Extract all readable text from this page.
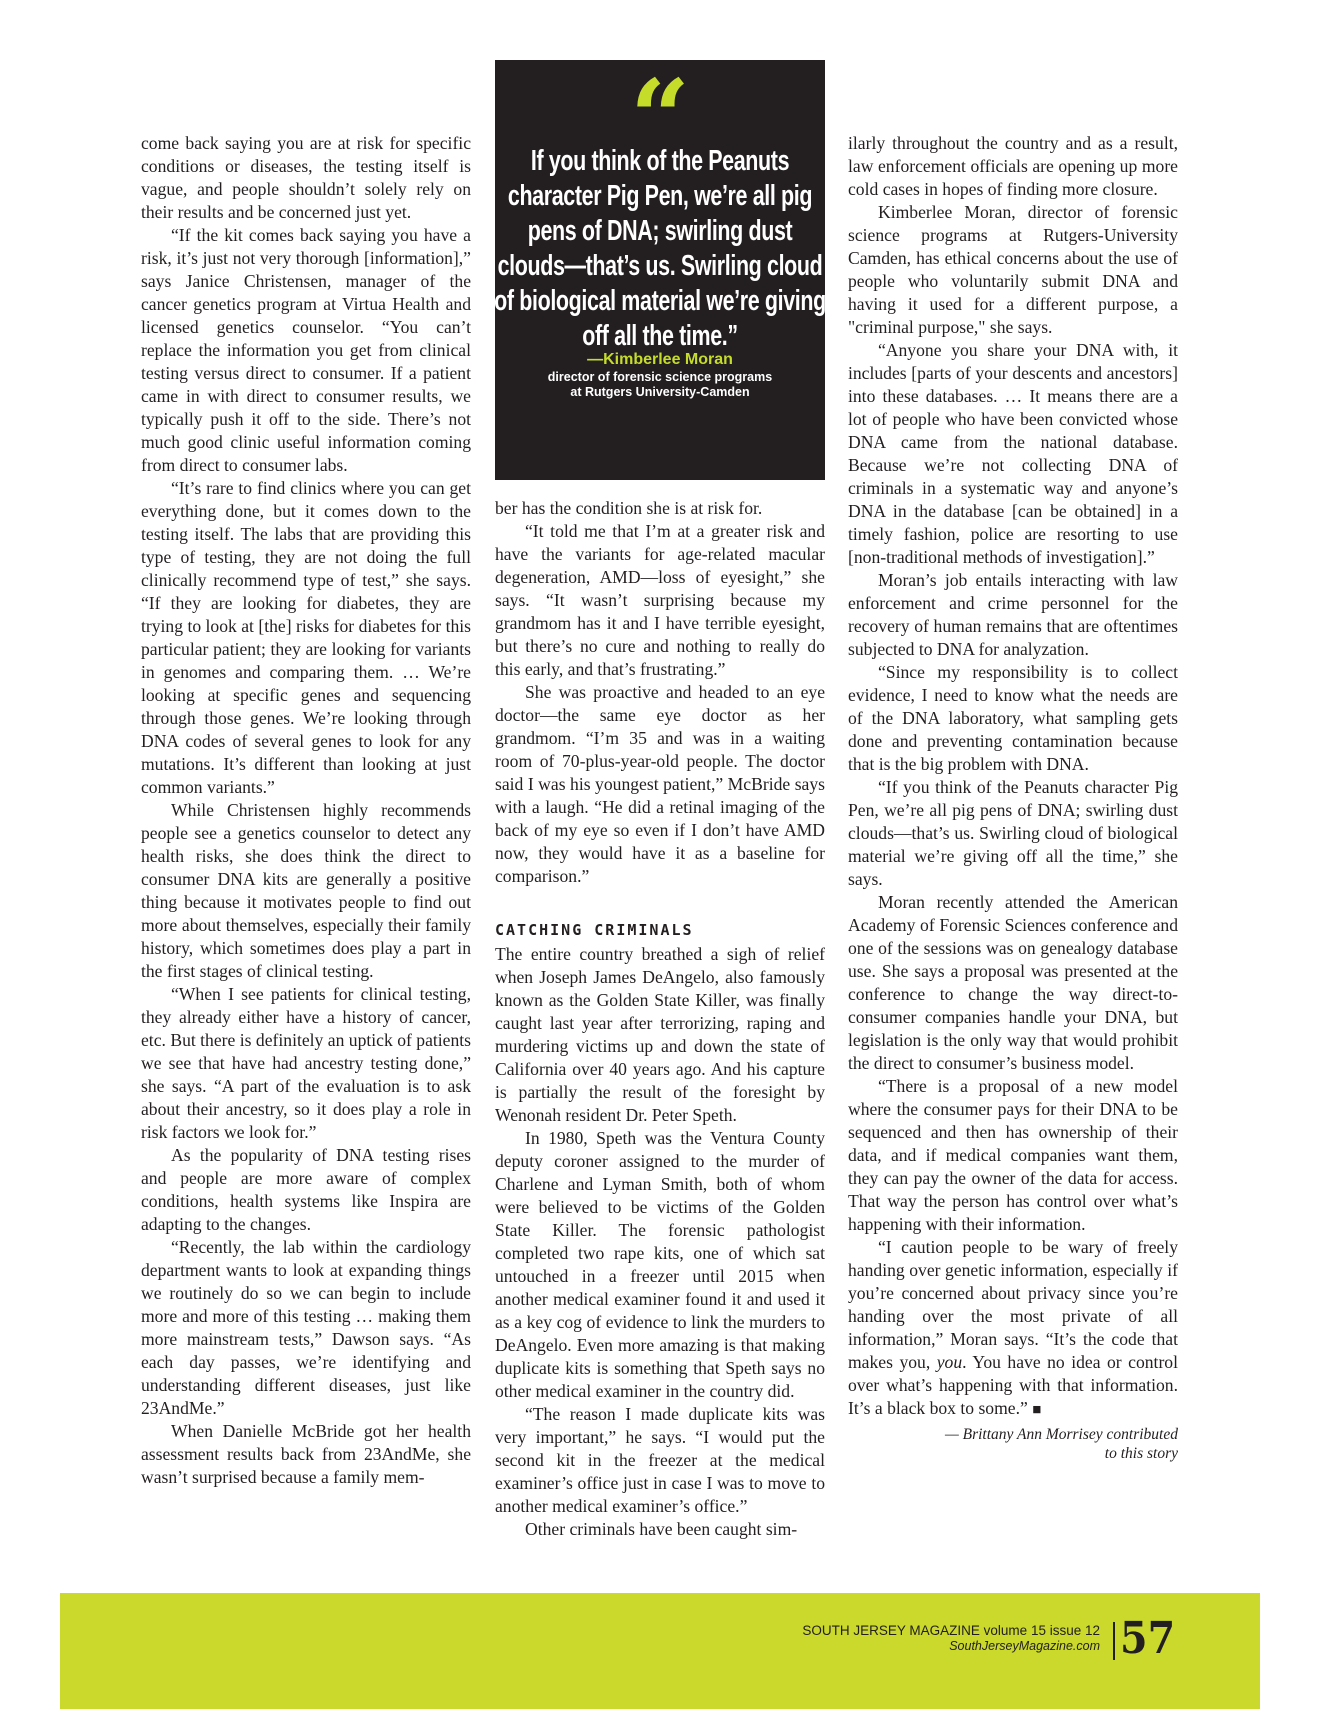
“
If you think of the Peanuts character Pig Pen, we’re all pig pens of DNA; swirling dust clouds—that’s us. Swirling cloud of biological material we’re giving off all the time.”
—Kimberlee Moran
director of forensic science programs
at Rutgers University-Camden

come back saying you are at risk for specific conditions or diseases, the testing itself is vague, and people shouldn’t solely rely on their results and be concerned just yet.

“If the kit comes back saying you have a risk, it’s just not very thorough [information],” says Janice Christensen, manager of the cancer genetics program at Virtua Health and licensed genetics counselor. “You can’t replace the information you get from clinical testing versus direct to consumer. If a patient came in with direct to consumer results, we typically push it off to the side. There’s not much good clinic useful information coming from direct to consumer labs.

“It’s rare to find clinics where you can get everything done, but it comes down to the testing itself. The labs that are providing this type of testing, they are not doing the full clinically recommend type of test,” she says. “If they are looking for diabetes, they are trying to look at [the] risks for diabetes for this particular patient; they are looking for variants in genomes and comparing them. … We’re looking at specific genes and sequencing through those genes. We’re looking through DNA codes of several genes to look for any mutations. It’s different than looking at just common variants.”

While Christensen highly recommends people see a genetics counselor to detect any health risks, she does think the direct to consumer DNA kits are generally a positive thing because it motivates people to find out more about themselves, especially their family history, which sometimes does play a part in the first stages of clinical testing.

“When I see patients for clinical testing, they already either have a history of cancer, etc. But there is definitely an uptick of patients we see that have had ancestry testing done,” she says. “A part of the evaluation is to ask about their ancestry, so it does play a role in risk factors we look for.”

As the popularity of DNA testing rises and people are more aware of complex conditions, health systems like Inspira are adapting to the changes.

“Recently, the lab within the cardiology department wants to look at expanding things we routinely do so we can begin to include more and more of this testing … making them more mainstream tests,” Dawson says. “As each day passes, we’re identifying and understanding different diseases, just like 23AndMe.”

When Danielle McBride got her health assessment results back from 23AndMe, she wasn’t surprised because a family mem-

ber has the condition she is at risk for.

“It told me that I’m at a greater risk and have the variants for age-related macular degeneration, AMD—loss of eyesight,” she says. “It wasn’t surprising because my grandmom has it and I have terrible eyesight, but there’s no cure and nothing to really do this early, and that’s frustrating.”

She was proactive and headed to an eye doctor—the same eye doctor as her grandmom. “I’m 35 and was in a waiting room of 70-plus-year-old people. The doctor said I was his youngest patient,” McBride says with a laugh. “He did a retinal imaging of the back of my eye so even if I don’t have AMD now, they would have it as a baseline for comparison.”

CATCHING CRIMINALS

The entire country breathed a sigh of relief when Joseph James DeAngelo, also famously known as the Golden State Killer, was finally caught last year after terrorizing, raping and murdering victims up and down the state of California over 40 years ago. And his capture is partially the result of the foresight by Wenonah resident Dr. Peter Speth.

In 1980, Speth was the Ventura County deputy coroner assigned to the murder of Charlene and Lyman Smith, both of whom were believed to be victims of the Golden State Killer. The forensic pathologist completed two rape kits, one of which sat untouched in a freezer until 2015 when another medical examiner found it and used it as a key cog of evidence to link the murders to DeAngelo. Even more amazing is that making duplicate kits is something that Speth says no other medical examiner in the country did.

“The reason I made duplicate kits was very important,” he says. “I would put the second kit in the freezer at the medical examiner’s office just in case I was to move to another medical examiner’s office.”

Other criminals have been caught sim-

ilarly throughout the country and as a result, law enforcement officials are opening up more cold cases in hopes of finding more closure.

Kimberlee Moran, director of forensic science programs at Rutgers-University Camden, has ethical concerns about the use of people who voluntarily submit DNA and having it used for a different purpose, a "criminal purpose," she says.

“Anyone you share your DNA with, it includes [parts of your descents and ancestors] into these databases. … It means there are a lot of people who have been convicted whose DNA came from the national database. Because we’re not collecting DNA of criminals in a systematic way and anyone’s DNA in the database [can be obtained] in a timely fashion, police are resorting to use [non-traditional methods of investigation].”

Moran’s job entails interacting with law enforcement and crime personnel for the recovery of human remains that are oftentimes subjected to DNA for analyzation.

“Since my responsibility is to collect evidence, I need to know what the needs are of the DNA laboratory, what sampling gets done and preventing contamination because that is the big problem with DNA.

“If you think of the Peanuts character Pig Pen, we’re all pig pens of DNA; swirling dust clouds—that’s us. Swirling cloud of biological material we’re giving off all the time,” she says.

Moran recently attended the American Academy of Forensic Sciences conference and one of the sessions was on genealogy database use. She says a proposal was presented at the conference to change the way direct-to-consumer companies handle your DNA, but legislation is the only way that would prohibit the direct to consumer’s business model.

“There is a proposal of a new model where the consumer pays for their DNA to be sequenced and then has ownership of their data, and if medical companies want them, they can pay the owner of the data for access. That way the person has control over what’s happening with their information.

“I caution people to be wary of freely handing over genetic information, especially if you’re concerned about privacy since you’re handing over the most private of all information,” Moran says. “It’s the code that makes you, you. You have no idea or control over what’s happening with that information. It’s a black box to some.” ■

— Brittany Ann Morrisey contributed
to this story
SOUTH JERSEY MAGAZINE volume 15 issue 12
SouthJerseyMagazine.com 57
